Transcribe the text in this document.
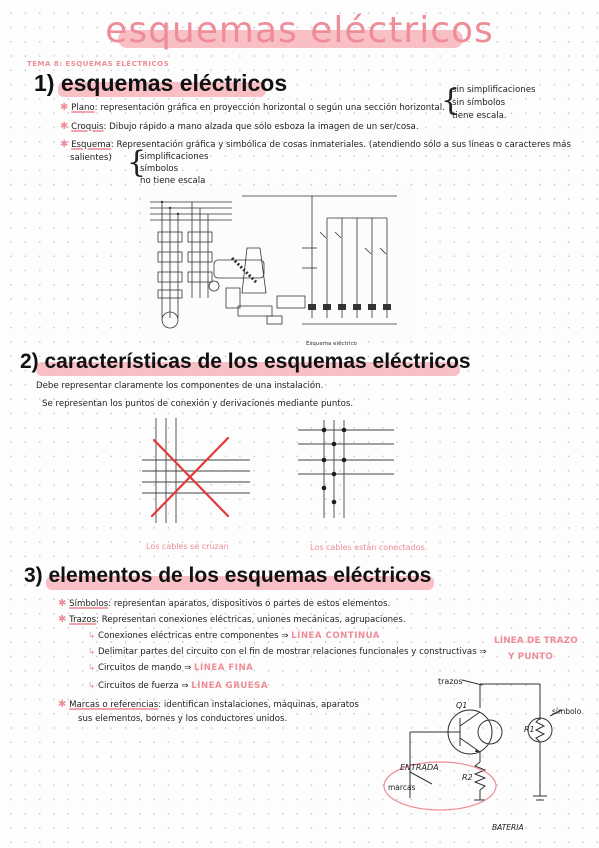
esquemas eléctricos
TEMA 8: ESQUEMAS ELÉCTRICOS
1) esquemas eléctricos
✱ Plano: representación gráfica en proyección horizontal o según una sección horizontal.
{
sin simplificaciones
sin símbolos
tiene escala.
✱ Croquis: Dibujo rápido a mano alzada que sólo esboza la imagen de un ser/cosa.
✱ Esquema: Representación gráfica y simbólica de cosas inmateriales. (atendiendo sólo a sus líneas o caracteres más
salientes) {
simplificaciones
símbolos
no tiene escala
Esquema eléctrico
2) características de los esquemas eléctricos
Debe representar claramente los componentes de una instalación.
Se representan los puntos de conexión y derivaciones mediante puntos.
Los cables se cruzan	Los cables están conectados.
3) elementos de los esquemas eléctricos
✱ Símbolos: representan aparatos, dispositivos o partes de estos elementos.
✱ Trazos: Representan conexiones eléctricas, uniones mecánicas, agrupaciones.
↳ Conexiones eléctricas entre componentes ⇒ LÍNEA CONTINUA
↳ Delimitar partes del circuito con el fin de mostrar relaciones funcionales y constructivas ⇒
↳ Circuitos de mando ⇒ LÍNEA FINA
↳ Circuitos de fuerza ⇒ LÍNEA GRUESA
LÍNEA DE TRAZO
Y PUNTO
✱ Marcas o referencias: identifican instalaciones, máquinas, aparatos
sus elementos, bornes y los conductores unidos.
trazos
Q1
R1
R2
símbolo
ENTRADA
marcas
BATERIA
